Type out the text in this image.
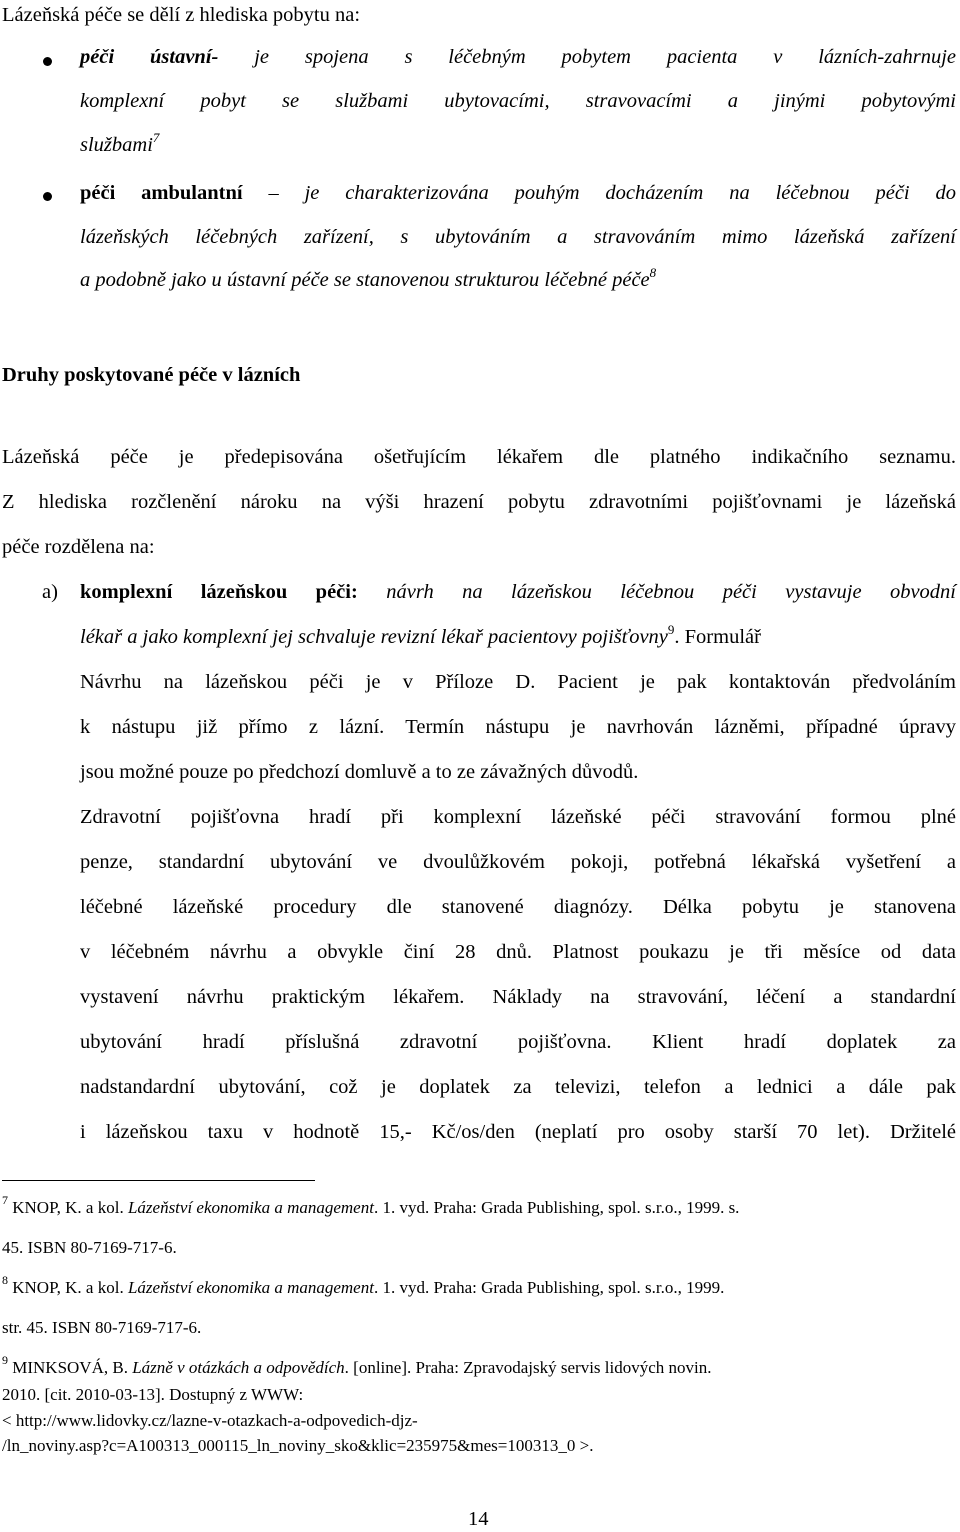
Lázeňská péče se dělí z hlediska pobytu na:
péči ústavní- je spojena s léčebným pobytem pacienta v lázních-zahrnuje
komplexní pobyt se službami ubytovacími, stravovacími a jinými pobytovými
službami$^7$
péči ambulantní – je charakterizována pouhým docházením na léčebnou péči do
lázeňských léčebných zařízení, s ubytováním a stravováním mimo lázeňská zařízení
a podobně jako u ústavní péče se stanovenou strukturou léčebné péče$^8$
Druhy poskytované péče v lázních
Lázeňská péče je předepisována ošetřujícím lékařem dle platného indikačního seznamu.
Z hlediska rozčlenění nároku na výši hrazení pobytu zdravotními pojišťovnami je lázeňská
péče rozdělena na:
a) komplexní lázeňskou péči: návrh na lázeňskou léčebnou péči vystavuje obvodní
lékař a jako komplexní jej schvaluje revizní lékař pacientovy pojišťovny$^9$. Formulář
Návrhu na lázeňskou péči je v Příloze D. Pacient je pak kontaktován předvoláním
k nástupu již přímo z lázní. Termín nástupu je navrhován lázněmi, případné úpravy
jsou možné pouze po předchozí domluvě a to ze závažných důvodů.
Zdravotní pojišťovna hradí při komplexní lázeňské péči stravování formou plné
penze, standardní ubytování ve dvoulůžkovém pokoji, potřebná lékařská vyšetření a
léčebné lázeňské procedury dle stanovené diagnózy. Délka pobytu je stanovena
v léčebném návrhu a obvykle činí 28 dnů. Platnost poukazu je tři měsíce od data
vystavení návrhu praktickým lékařem. Náklady na stravování, léčení a standardní
ubytování hradí příslušná zdravotní pojišťovna. Klient hradí doplatek za
nadstandardní ubytování, což je doplatek za televizi, telefon a lednici a dále pak
i lázeňskou taxu v hodnotě 15,- Kč/os/den (neplatí pro osoby starší 70 let). Držitelé
$^7$ KNOP, K. a kol. Lázeňství ekonomika a management. 1. vyd. Praha: Grada Publishing, spol. s.r.o., 1999. s.
45. ISBN 80-7169-717-6.
$^8$ KNOP, K. a kol. Lázeňství ekonomika a management. 1. vyd. Praha: Grada Publishing, spol. s.r.o., 1999.
str. 45. ISBN 80-7169-717-6.
$^9$ MINKSOVÁ, B. Lázně v otázkách a odpovědích. [online]. Praha: Zpravodajský servis lidových novin.
2010. [cit. 2010-03-13]. Dostupný z WWW:
< http://www.lidovky.cz/lazne-v-otazkach-a-odpovedich-djz-
/ln_noviny.asp?c=A100313_000115_ln_noviny_sko&klic=235975&mes=100313_0 >.
14
